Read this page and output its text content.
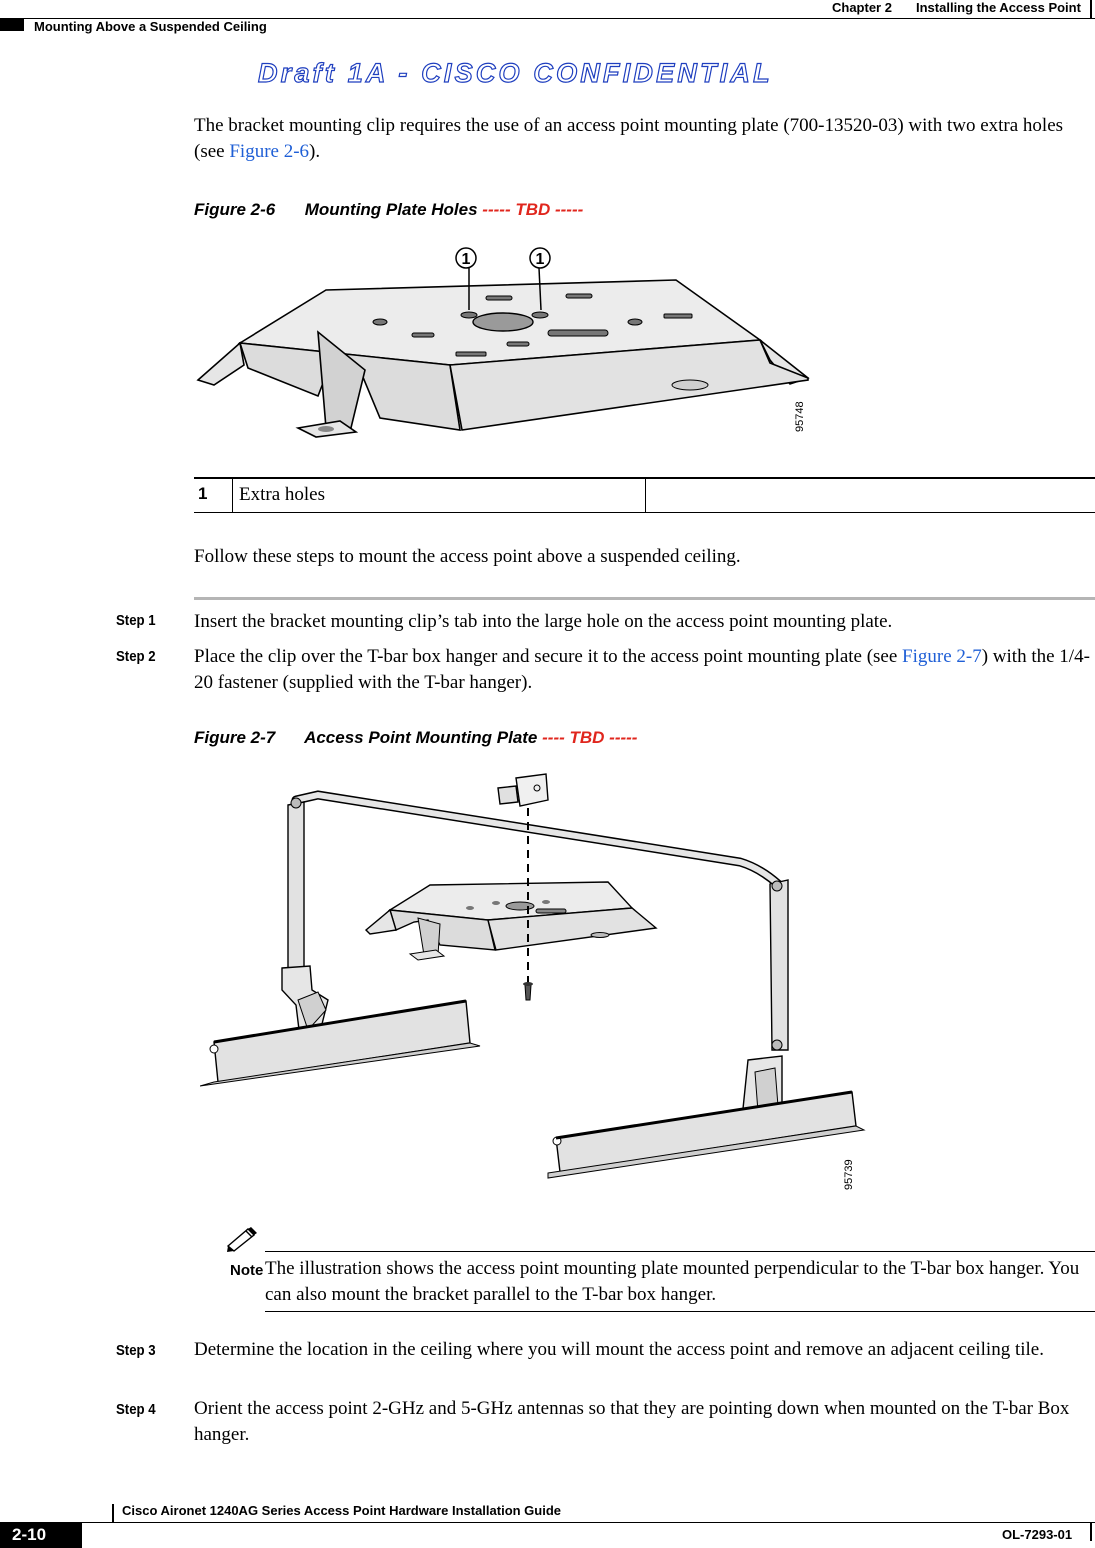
Chapter 2 Installing the Access Point
Mounting Above a Suspended Ceiling
Draft 1A - CISCO CONFIDENTIAL
The bracket mounting clip requires the use of an access point mounting plate (700-13520-03) with two extra holes (see Figure 2-6).
Figure 2-6 Mounting Plate Holes ----- TBD -----
1	1
95748
1 Extra holes
Follow these steps to mount the access point above a suspended ceiling.
Step 1 Insert the bracket mounting clip’s tab into the large hole on the access point mounting plate.
Step 2 Place the clip over the T-bar box hanger and secure it to the access point mounting plate (see Figure 2-7) with the 1/4-20 fastener (supplied with the T-bar hanger).
Figure 2-7 Access Point Mounting Plate ---- TBD -----
95739
Note The illustration shows the access point mounting plate mounted perpendicular to the T-bar box hanger. You can also mount the bracket parallel to the T-bar box hanger.
Step 3 Determine the location in the ceiling where you will mount the access point and remove an adjacent ceiling tile.
Step 4 Orient the access point 2-GHz and 5-GHz antennas so that they are pointing down when mounted on the T-bar Box hanger.
Cisco Aironet 1240AG Series Access Point Hardware Installation Guide
2-10	OL-7293-01
